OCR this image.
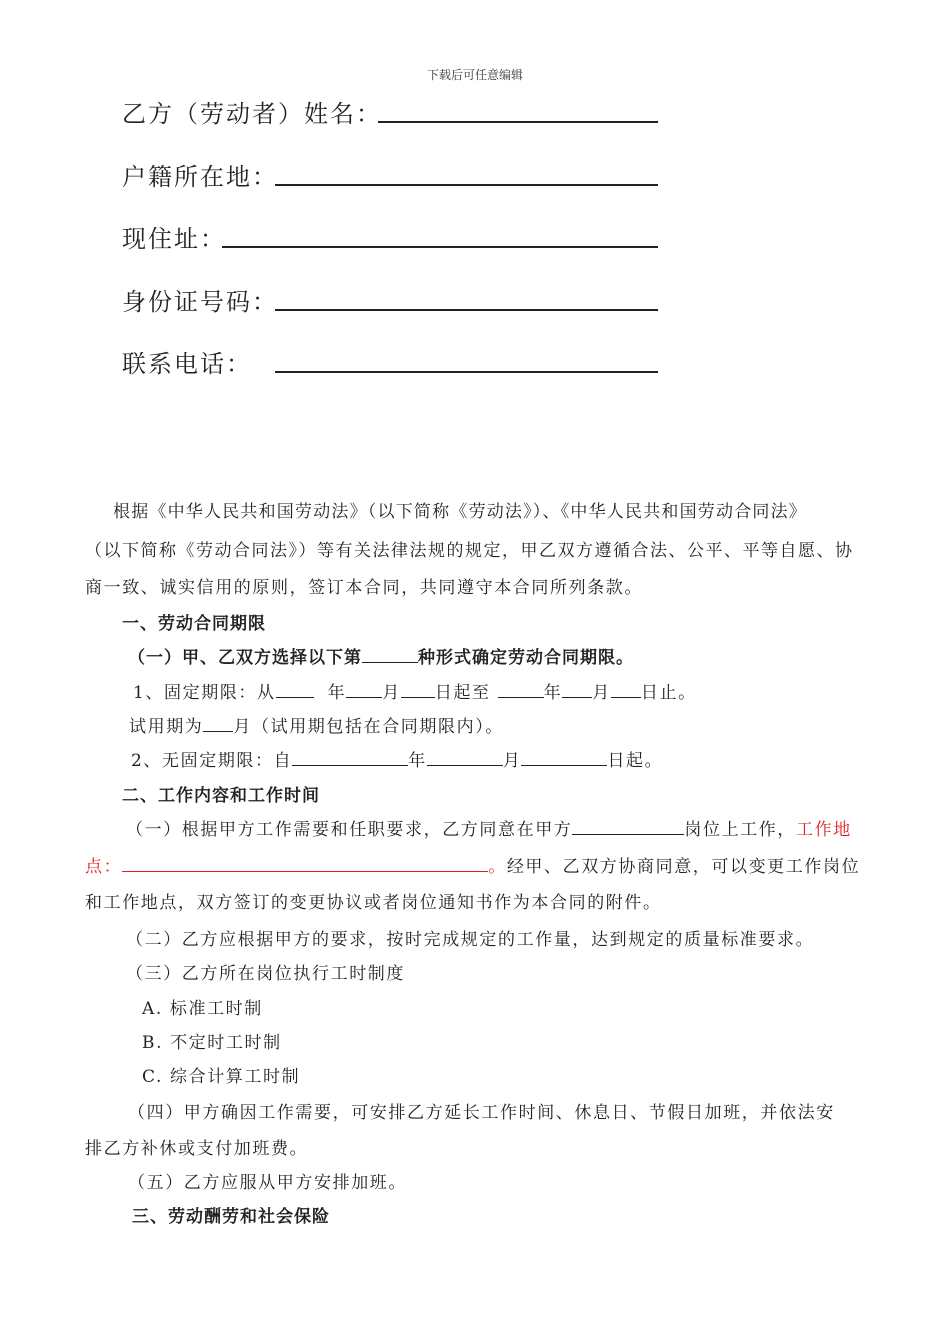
下载后可任意编辑
乙方（劳动者）姓名：
户籍所在地：
现住址：
身份证号码：
联系电话：
根据《中华人民共和国劳动法》（以下简称《劳动法》）、《中华人民共和国劳动合同法》
（以下简称《劳动合同法》）等有关法律法规的规定，甲乙双方遵循合法、公平、平等自愿、协
商一致、诚实信用的原则，签订本合同，共同遵守本合同所列条款。
一、劳动合同期限
（一）甲、乙双方选择以下第	种形式确定劳动合同期限。
1、固定期限：从	年 月 日起至	年 月 日止。
试用期为 月（试用期包括在合同期限内）。
2、无固定期限：自	年	月	日起。
二、工作内容和工作时间
（一）根据甲方工作需要和任职要求，乙方同意在甲方	岗位上工作，工作地
点：	。经甲、乙双方协商同意，可以变更工作岗位
和工作地点，双方签订的变更协议或者岗位通知书作为本合同的附件。
（二）乙方应根据甲方的要求，按时完成规定的工作量，达到规定的质量标准要求。
（三）乙方所在岗位执行工时制度
A. 标准工时制
B. 不定时工时制
C. 综合计算工时制
（四）甲方确因工作需要，可安排乙方延长工作时间、休息日、节假日加班，并依法安
排乙方补休或支付加班费。
（五）乙方应服从甲方安排加班。
三、劳动酬劳和社会保险
